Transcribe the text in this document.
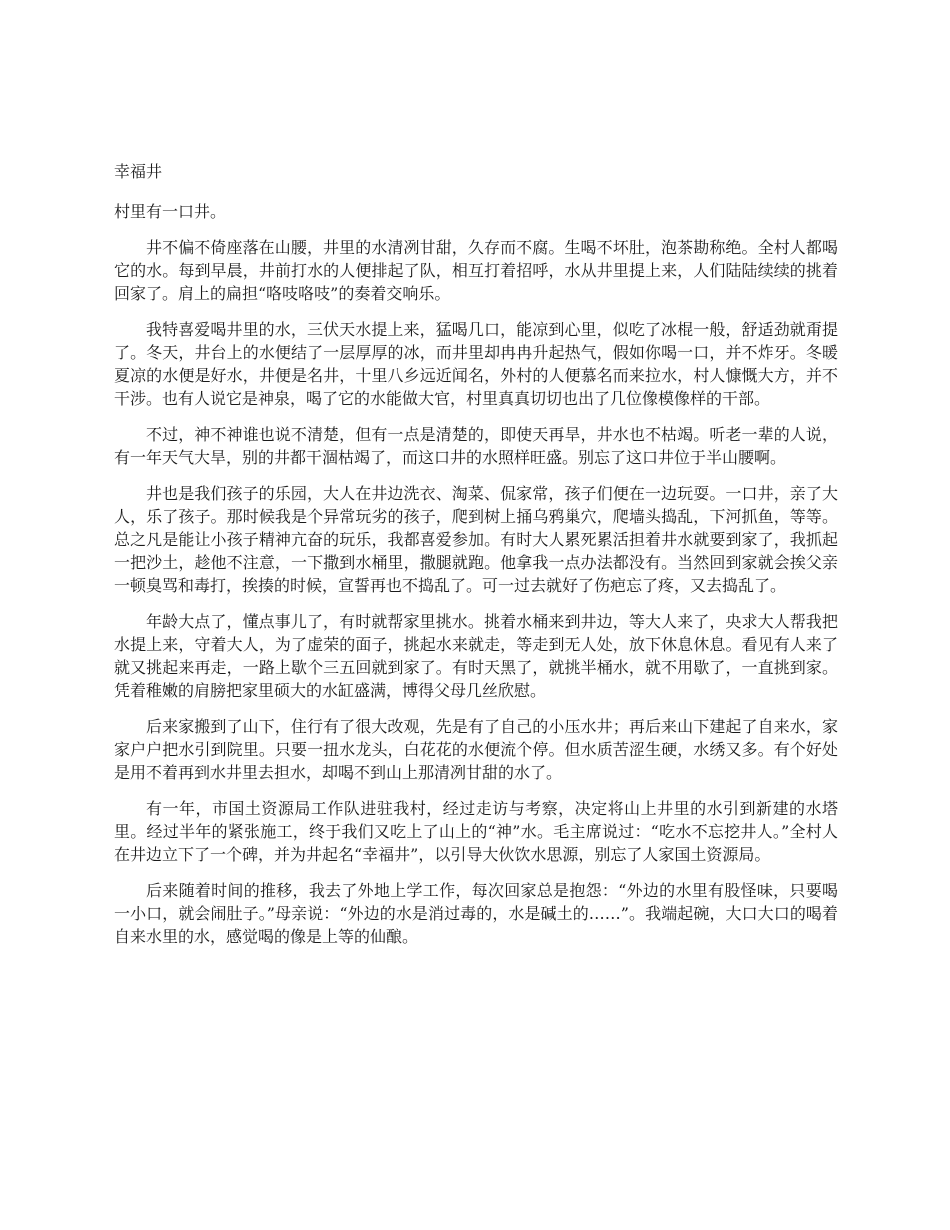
幸福井

村里有一口井。

井不偏不倚座落在山腰，井里的水清冽甘甜，久存而不腐。生喝不坏肚，泡茶勘称绝。全村人都喝它的水。每到早晨，井前打水的人便排起了队，相互打着招呼，水从井里提上来，人们陆陆续续的挑着回家了。肩上的扁担“咯吱咯吱”的奏着交响乐。

我特喜爱喝井里的水，三伏天水提上来，猛喝几口，能凉到心里，似吃了冰棍一般，舒适劲就甭提了。冬天，井台上的水便结了一层厚厚的冰，而井里却冉冉升起热气，假如你喝一口，并不炸牙。冬暖夏凉的水便是好水，井便是名井，十里八乡远近闻名，外村的人便慕名而来拉水，村人慷慨大方，并不干涉。也有人说它是神泉，喝了它的水能做大官，村里真真切切也出了几位像模像样的干部。

不过，神不神谁也说不清楚，但有一点是清楚的，即使天再旱，井水也不枯竭。听老一辈的人说，有一年天气大旱，别的井都干涸枯竭了，而这口井的水照样旺盛。别忘了这口井位于半山腰啊。

井也是我们孩子的乐园，大人在井边洗衣、淘菜、侃家常，孩子们便在一边玩耍。一口井，亲了大人，乐了孩子。那时候我是个异常玩劣的孩子，爬到树上捅乌鸦巢穴，爬墙头捣乱，下河抓鱼，等等。总之凡是能让小孩子精神亢奋的玩乐，我都喜爱参加。有时大人累死累活担着井水就要到家了，我抓起一把沙土，趁他不注意，一下撒到水桶里，撒腿就跑。他拿我一点办法都没有。当然回到家就会挨父亲一顿臭骂和毒打，挨揍的时候，宣誓再也不捣乱了。可一过去就好了伤疤忘了疼，又去捣乱了。

年龄大点了，懂点事儿了，有时就帮家里挑水。挑着水桶来到井边，等大人来了，央求大人帮我把水提上来，守着大人，为了虚荣的面子，挑起水来就走，等走到无人处，放下休息休息。看见有人来了就又挑起来再走，一路上歇个三五回就到家了。有时天黑了，就挑半桶水，就不用歇了，一直挑到家。凭着稚嫩的肩膀把家里硕大的水缸盛满，博得父母几丝欣慰。

后来家搬到了山下，住行有了很大改观，先是有了自己的小压水井；再后来山下建起了自来水，家家户户把水引到院里。只要一扭水龙头，白花花的水便流个停。但水质苦涩生硬，水绣又多。有个好处是用不着再到水井里去担水，却喝不到山上那清冽甘甜的水了。

有一年，市国土资源局工作队进驻我村，经过走访与考察，决定将山上井里的水引到新建的水塔里。经过半年的紧张施工，终于我们又吃上了山上的“神”水。毛主席说过：“吃水不忘挖井人。”全村人在井边立下了一个碑，并为井起名“幸福井”，以引导大伙饮水思源，别忘了人家国土资源局。

后来随着时间的推移，我去了外地上学工作，每次回家总是抱怨：“外边的水里有股怪味，只要喝一小口，就会闹肚子。”母亲说：“外边的水是消过毒的，水是碱土的……”。我端起碗，大口大口的喝着自来水里的水，感觉喝的像是上等的仙酿。
